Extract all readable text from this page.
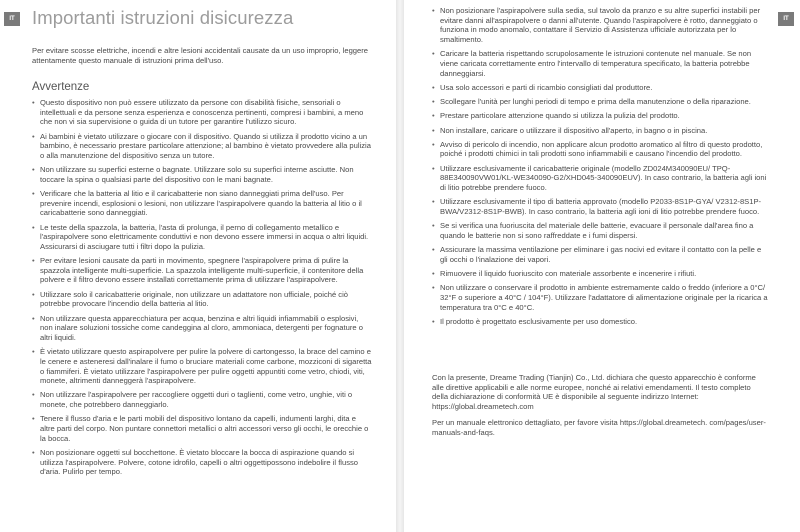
IT Importanti istruzioni disicurezza

Per evitare scosse elettriche, incendi e altre lesioni accidentali causate da un uso improprio, leggere attentamente questo manuale di istruzioni prima dell'uso.

Avvertenze
• Questo dispositivo non può essere utilizzato da persone con disabilità fisiche, sensoriali o intellettuali e da persone senza esperienza e conoscenza pertinenti, compresi i bambini, a meno che non vi sia supervisione o guida di un tutore per garantire l'utilizzo sicuro.
• Ai bambini è vietato utilizzare o giocare con il dispositivo. Quando si utilizza il prodotto vicino a un bambino, è necessario prestare particolare attenzione; al bambino è vietato provvedere alla pulizia o alla manutenzione del dispositivo senza un tutore.
• Non utilizzare su superfici esterne o bagnate. Utilizzare solo su superfici interne asciutte. Non toccare la spina o qualsiasi parte del dispositivo con le mani bagnate.
• Verificare che la batteria al litio e il caricabatterie non siano danneggiati prima dell'uso. Per prevenire incendi, esplosioni o lesioni, non utilizzare l'aspirapolvere quando la batteria al litio o il caricabatterie sono danneggiati.
• Le teste della spazzola, la batteria, l'asta di prolunga, il perno di collegamento metallico e l'aspirapolvere sono elettricamente conduttivi e non devono essere immersi in acqua o altri liquidi. Assicurarsi di asciugare tutti i filtri dopo la pulizia.
• Per evitare lesioni causate da parti in movimento, spegnere l'aspirapolvere prima di pulire la spazzola intelligente multi-superficie. La spazzola intelligente multi-superficie, il contenitore della polvere e il filtro devono essere installati correttamente prima di utilizzare l'aspirapolvere.
• Utilizzare solo il caricabatterie originale, non utilizzare un adattatore non ufficiale, poiché ciò potrebbe provocare l'incendio della batteria al litio.
• Non utilizzare questa apparecchiatura per acqua, benzina e altri liquidi infiammabili o esplosivi, non inalare soluzioni tossiche come candeggina al cloro, ammoniaca, detergenti per fognature o altri liquidi.
• È vietato utilizzare questo aspirapolvere per pulire la polvere di cartongesso, la brace del camino e le cenere e asteneresi dall'inalare il fumo o bruciare materiali come carbone, mozziconi di sigaretta o fiammiferi. È vietato utilizzare l'aspirapolvere per pulire oggetti appuntiti come vetro, chiodi, viti, monete, altrimenti danneggerà l'aspirapolvere.
• Non utilizzare l'aspirapolvere per raccogliere oggetti duri o taglienti, come vetro, unghie, viti o monete, che potrebbero danneggiarlo.
• Tenere il flusso d'aria e le parti mobili del dispositivo lontano da capelli, indumenti larghi, dita e altre parti del corpo. Non puntare connettori metallici o altri accessori verso gli occhi, le orecchie o la bocca.
• Non posizionare oggetti sul bocchettone. È vietato bloccare la bocca di aspirazione quando si utilizza l'aspirapolvere. Polvere, cotone idrofilo, capelli o altri oggettipossono indebolire il flusso d'aria. Pulirlo per tempo.
IT
• Non posizionare l'aspirapolvere sulla sedia, sul tavolo da pranzo e su altre superfici instabili per evitare danni all'aspirapolvere o danni all'utente. Quando l'aspirapolvere è rotto, danneggiato o funziona in modo anomalo, contattare il Servizio di Assistenza ufficiale autorizzata per lo smaltimento.
• Caricare la batteria rispettando scrupolosamente le istruzioni contenute nel manuale. Se non viene caricata correttamente entro l'intervallo di temperatura specificato, la batteria potrebbe danneggiarsi.
• Usa solo accessori e parti di ricambio consigliati dal produttore.
• Scollegare l'unità per lunghi periodi di tempo e prima della manutenzione o della riparazione.
• Prestare particolare attenzione quando si utilizza la pulizia del prodotto.
• Non installare, caricare o utilizzare il dispositivo all'aperto, in bagno o in piscina.
• Avviso di pericolo di incendio, non applicare alcun prodotto aromatico al filtro di questo prodotto, poiché i prodotti chimici in tali prodotti sono infiammabili e causano l'incendio del prodotto.
• Utilizzare esclusivamente il caricabatterie originale (modello ZD024M340090EU/ TPQ-88E340090VW01/KL-WE340090-G2/XHD045-340090EUV). In caso contrario, la batteria agli ioni di litio potrebbe prendere fuoco.
• Utilizzare esclusivamente il tipo di batteria approvato (modello P2033-8S1P-GYA/ V2312-8S1P-BWA/V2312-8S1P-BWB). In caso contrario, la batteria agli ioni di litio potrebbe prendere fuoco.
• Se si verifica una fuoriuscita del materiale delle batterie, evacuare il personale dall'area fino a quando le batterie non si sono raffreddate e i fumi dispersi.
• Assicurare la massima ventilazione per eliminare i gas nocivi ed evitare il contatto con la pelle e gli occhi o l'inalazione dei vapori.
• Rimuovere il liquido fuoriuscito con materiale assorbente e incenerire i rifiuti.
• Non utilizzare o conservare il prodotto in ambiente estremamente caldo o freddo (inferiore a 0°C/ 32°F o superiore a 40°C / 104°F). Utilizzare l'adattatore di alimentazione originale per la ricarica a temperatura tra 0°C e 40°C.
• Il prodotto è progettato esclusivamente per uso domestico.

Con la presente, Dreame Trading (Tianjin) Co., Ltd. dichiara che questo apparecchio è conforme alle direttive applicabili e alle norme europee, nonché ai relativi emendamenti. Il testo completo della dichiarazione di conformità UE è disponibile al seguente indirizzo Internet: https://global.dreametech.com

Per un manuale elettronico dettagliato, per favore visita https://global.dreametech. com/pages/user-manuals-and-faqs.
